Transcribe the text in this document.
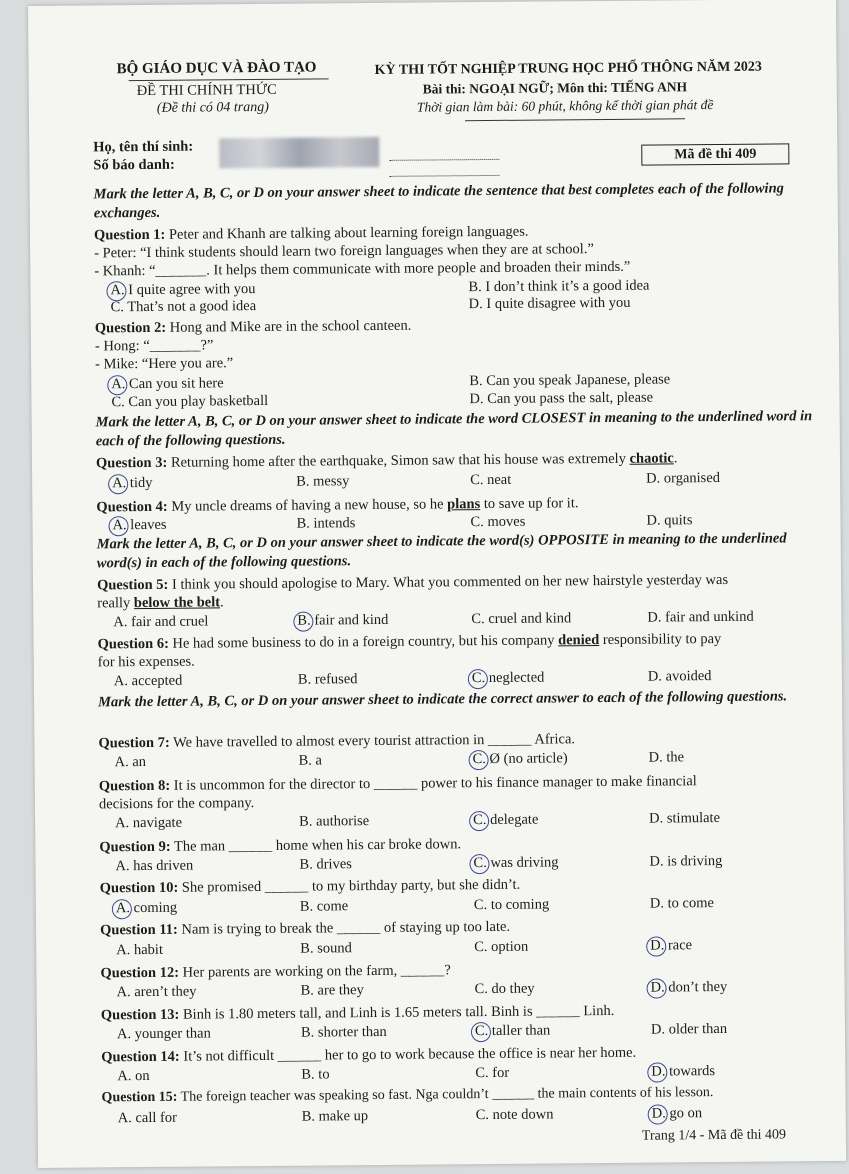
BỘ GIÁO DỤC VÀ ĐÀO TẠO
ĐỀ THI CHÍNH THỨC
(Đề thi có 04 trang)
KỲ THI TỐT NGHIỆP TRUNG HỌC PHỔ THÔNG NĂM 2023
Bài thi: NGOẠI NGỮ; Môn thi: TIẾNG ANH
Thời gian làm bài: 60 phút, không kể thời gian phát đề
Họ, tên thí sinh:
Số báo danh:
Mã đề thi 409
Mark the letter A, B, C, or D on your answer sheet to indicate the sentence that best completes each of the following exchanges.
Question 1: Peter and Khanh are talking about learning foreign languages.
- Peter: “I think students should learn two foreign languages when they are at school.”
- Khanh: “_______. It helps them communicate with more people and broaden their minds.”
A. I quite agree with you	B. I don’t think it’s a good idea
C. That’s not a good idea	D. I quite disagree with you
Question 2: Hong and Mike are in the school canteen.
- Hong: “_______?”
- Mike: “Here you are.”
A. Can you sit here	B. Can you speak Japanese, please
C. Can you play basketball	D. Can you pass the salt, please
Mark the letter A, B, C, or D on your answer sheet to indicate the word CLOSEST in meaning to the underlined word in each of the following questions.
Question 3: Returning home after the earthquake, Simon saw that his house was extremely chaotic.
A. tidy	B. messy	C. neat	D. organised
Question 4: My uncle dreams of having a new house, so he plans to save up for it.
A. leaves	B. intends	C. moves	D. quits
Mark the letter A, B, C, or D on your answer sheet to indicate the word(s) OPPOSITE in meaning to the underlined word(s) in each of the following questions.
Question 5: I think you should apologise to Mary. What you commented on her new hairstyle yesterday was
really below the belt.
A. fair and cruel	B. fair and kind	C. cruel and kind	D. fair and unkind
Question 6: He had some business to do in a foreign country, but his company denied responsibility to pay
for his expenses.
A. accepted	B. refused	C. neglected	D. avoided
Mark the letter A, B, C, or D on your answer sheet to indicate the correct answer to each of the following questions.
Question 7: We have travelled to almost every tourist attraction in ______ Africa.
A. an	B. a	C. Ø (no article)	D. the
Question 8: It is uncommon for the director to ______ power to his finance manager to make financial
decisions for the company.
A. navigate	B. authorise	C. delegate	D. stimulate
Question 9: The man ______ home when his car broke down.
A. has driven	B. drives	C. was driving	D. is driving
Question 10: She promised ______ to my birthday party, but she didn’t.
A. coming	B. come	C. to coming	D. to come
Question 11: Nam is trying to break the ______ of staying up too late.
A. habit	B. sound	C. option	D. race
Question 12: Her parents are working on the farm, ______?
A. aren’t they	B. are they	C. do they	D. don’t they
Question 13: Binh is 1.80 meters tall, and Linh is 1.65 meters tall. Binh is ______ Linh.
A. younger than	B. shorter than	C. taller than	D. older than
Question 14: It’s not difficult ______ her to go to work because the office is near her home.
A. on	B. to	C. for	D. towards
Question 15: The foreign teacher was speaking so fast. Nga couldn’t ______ the main contents of his lesson.
A. call for	B. make up	C. note down	D. go on
Trang 1/4 - Mã đề thi 409
